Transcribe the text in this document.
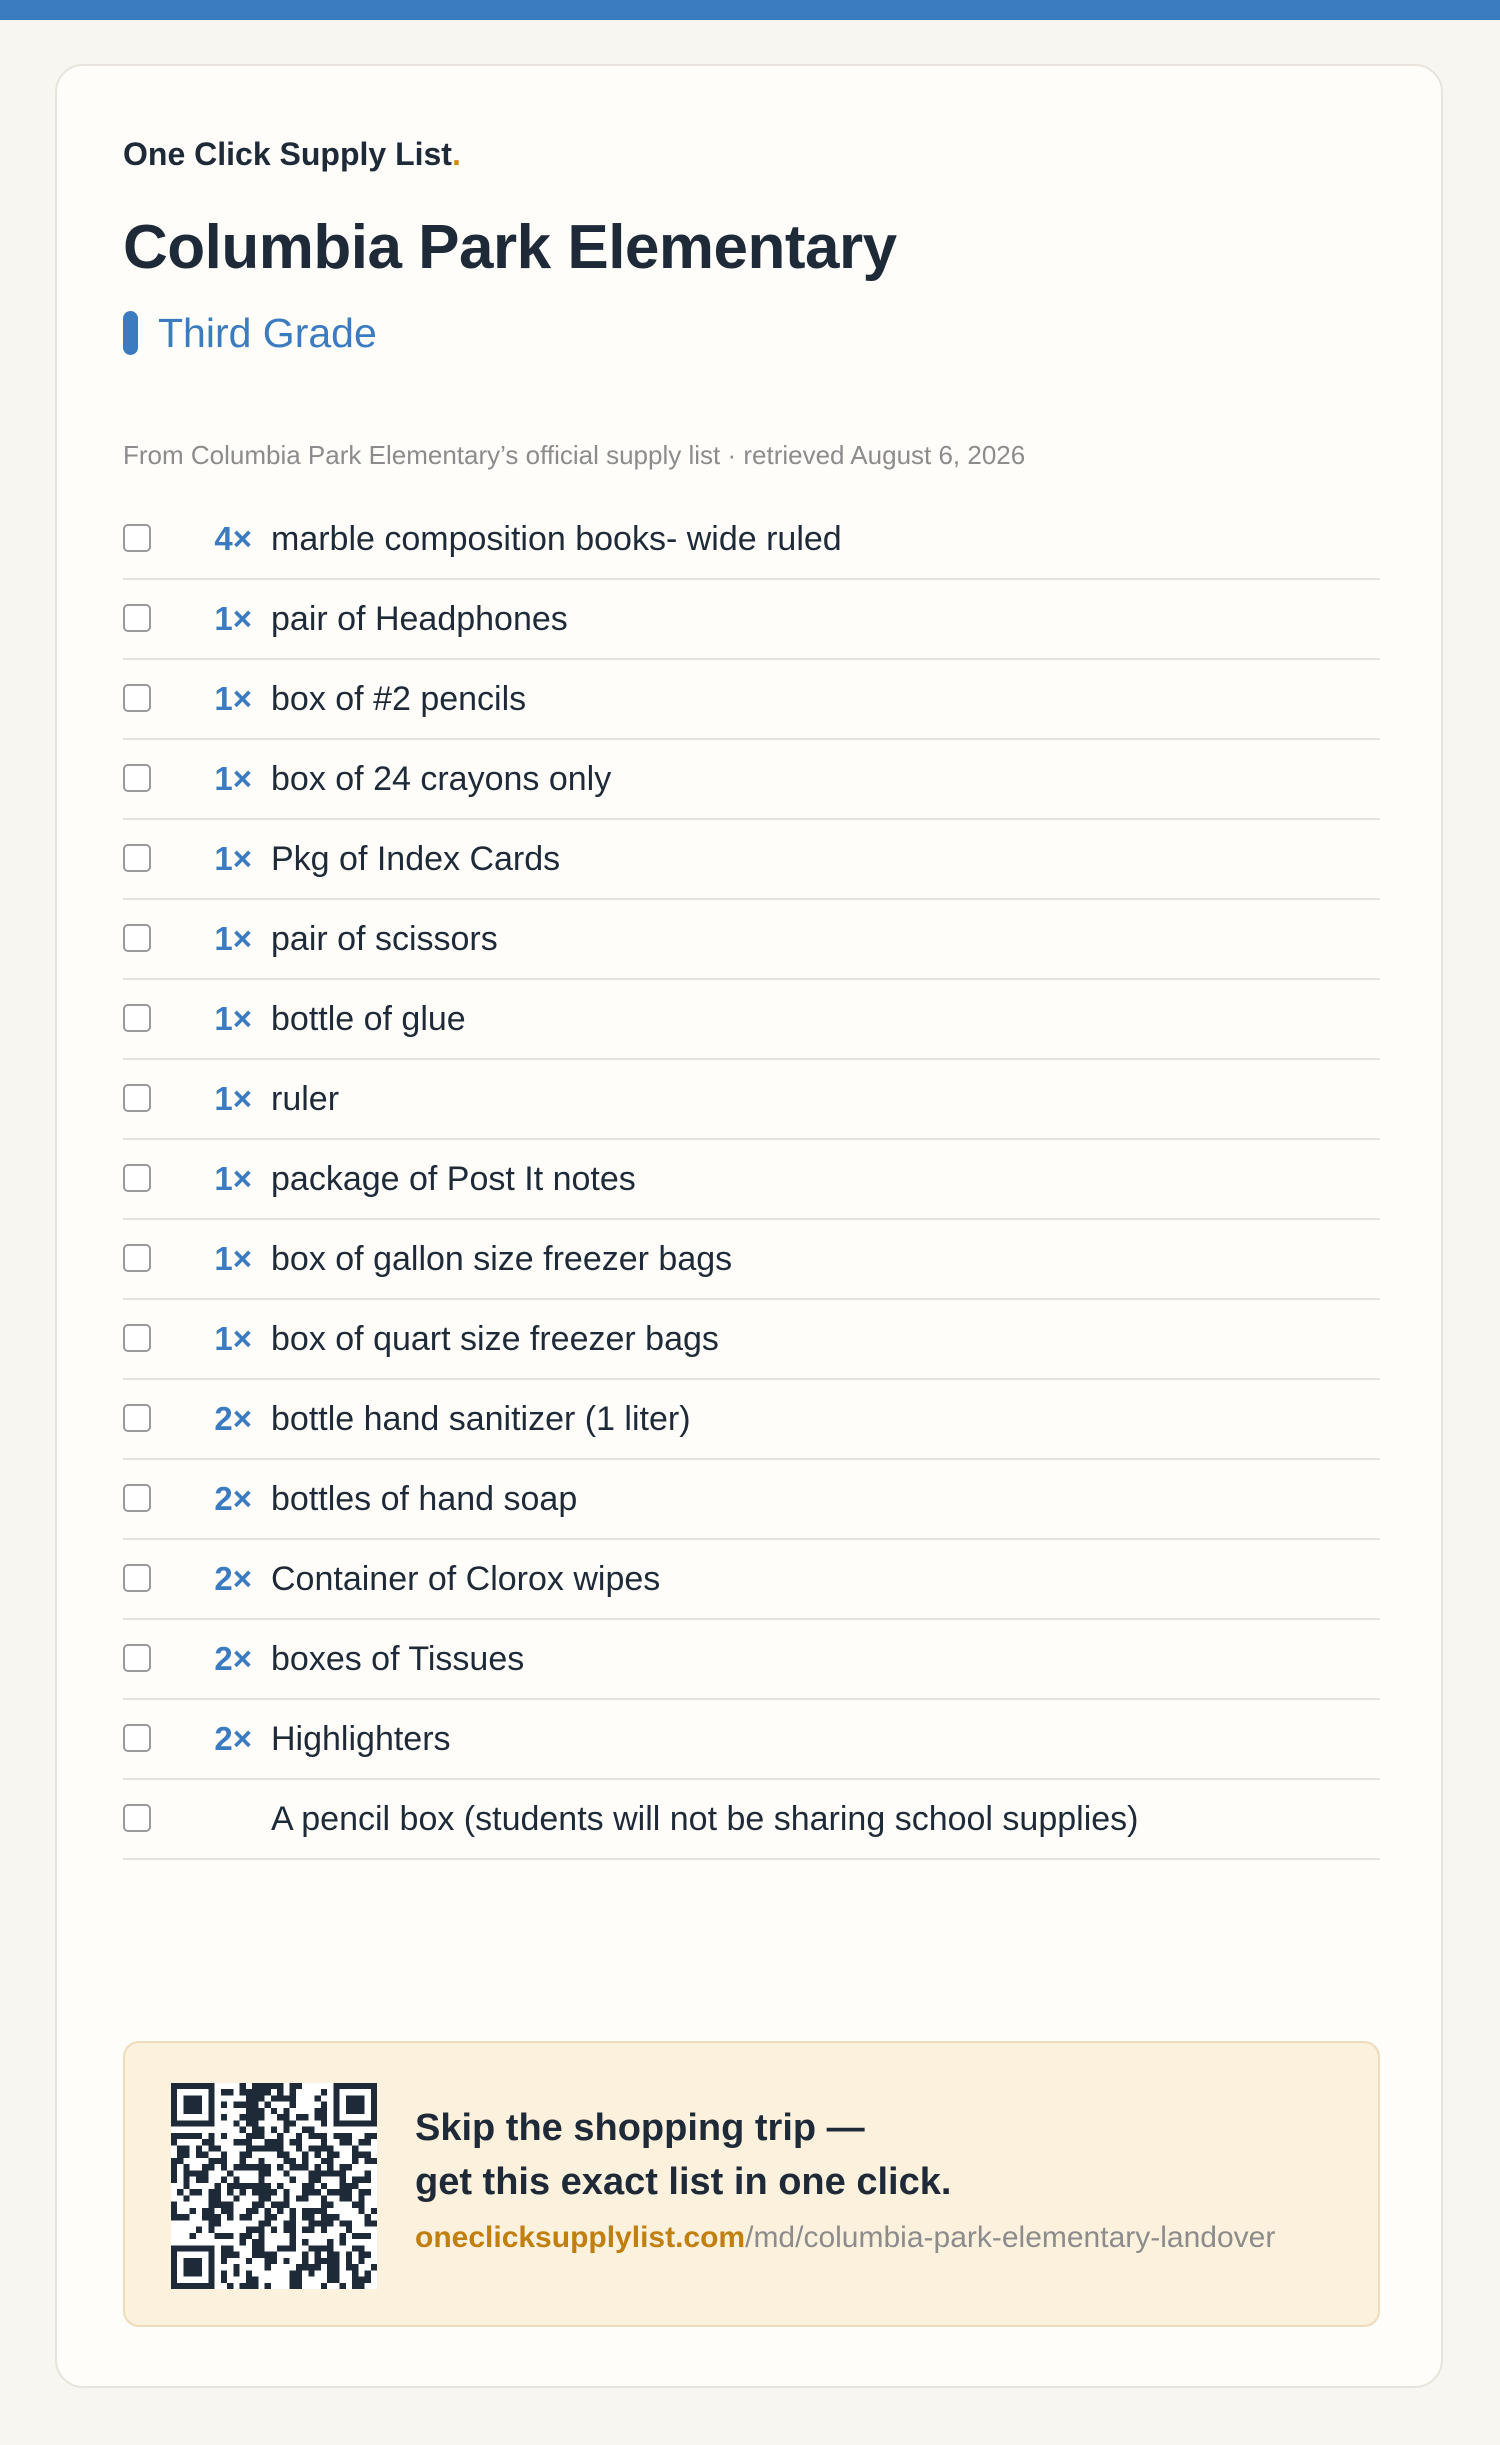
One Click Supply List.
Columbia Park Elementary
Third Grade
From Columbia Park Elementary’s official supply list · retrieved August 6, 2026
4× marble composition books- wide ruled
1× pair of Headphones
1× box of #2 pencils
1× box of 24 crayons only
1× Pkg of Index Cards
1× pair of scissors
1× bottle of glue
1× ruler
1× package of Post It notes
1× box of gallon size freezer bags
1× box of quart size freezer bags
2× bottle hand sanitizer (1 liter)
2× bottles of hand soap
2× Container of Clorox wipes
2× boxes of Tissues
2× Highlighters
A pencil box (students will not be sharing school supplies)
Skip the shopping trip —
get this exact list in one click.
oneclicksupplylist.com/md/columbia-park-elementary-landover
